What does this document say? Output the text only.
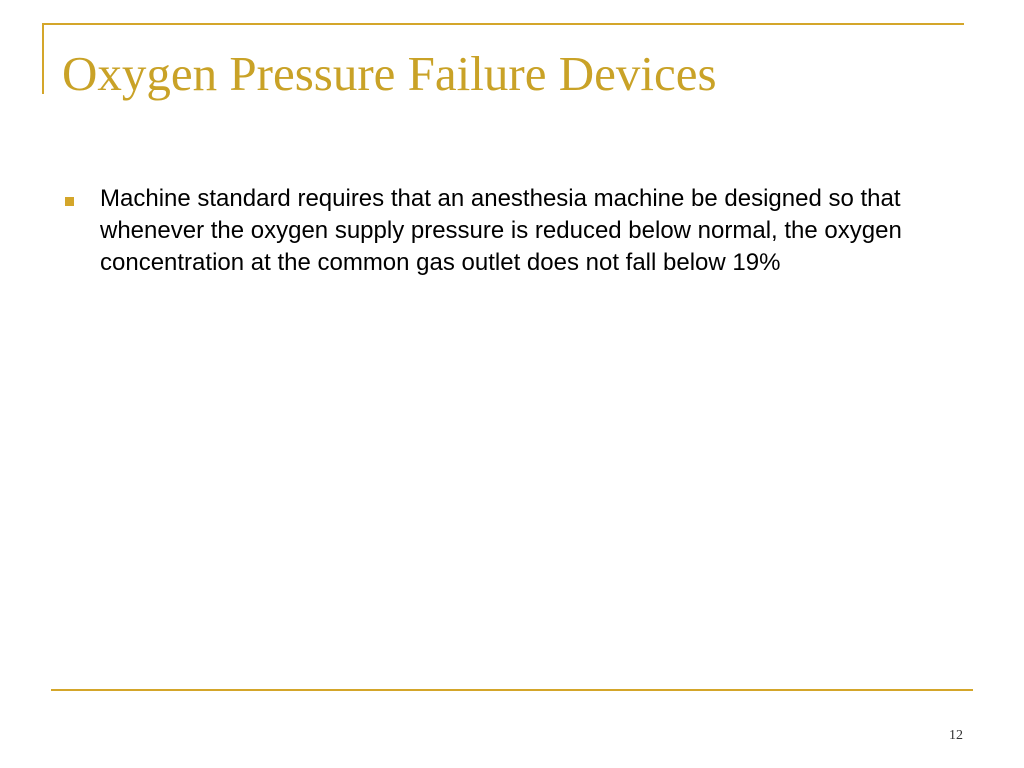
Oxygen Pressure Failure Devices
Machine standard requires that an anesthesia machine be designed so that whenever the oxygen supply pressure is reduced below normal, the oxygen concentration at the common gas outlet does not fall below 19%
12
